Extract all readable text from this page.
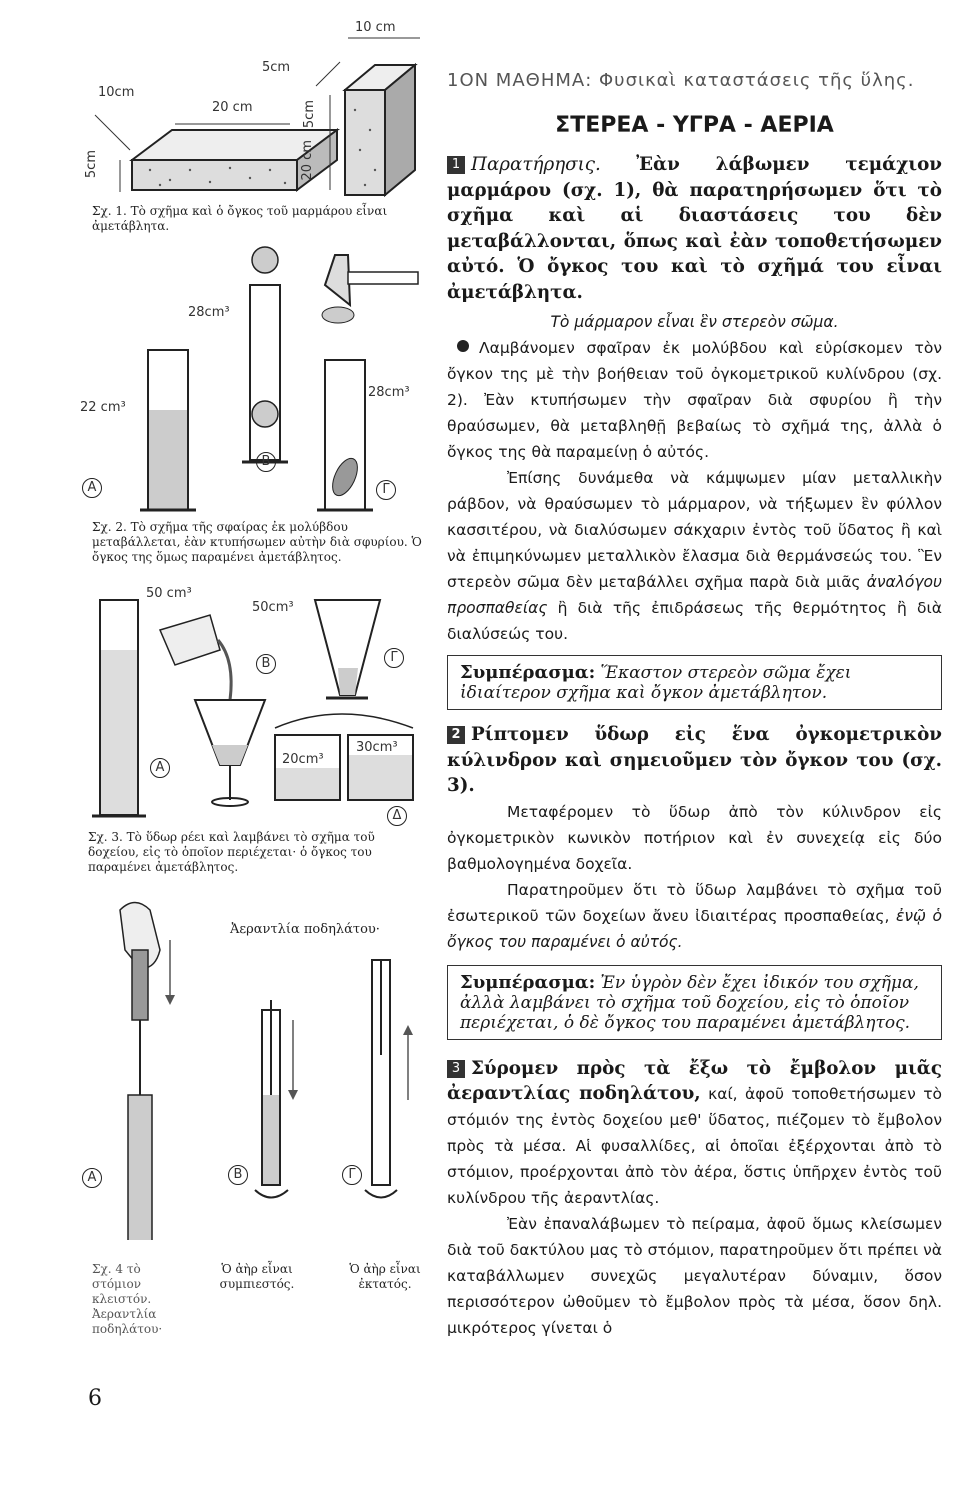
10 cm
5cm
10cm
20 cm	5cm
20 cm
5cm
Σχ. 1. Τὸ σχῆμα καὶ ὁ ὄγκος τοῦ μαρμάρου εἶναι ἀμετάβλητα.
28cm³
22 cm³
28cm³
Α
Β
Γ
Σχ. 2. Τὸ σχῆμα τῆς σφαίρας ἐκ μολύβδου μεταβάλλεται, ἐὰν κτυπήσωμεν αὐτὴν διὰ σφυρίου. Ὁ ὄγκος της ὅμως παραμένει ἀμετάβλητος.
50 cm³
50cm³
20cm³
30cm³
Α
Β	Γ
Δ
Σχ. 3. Τὸ ὕδωρ ρέει καὶ λαμβάνει τὸ σχῆμα τοῦ δοχείου, εἰς τὸ ὁποῖον περιέχεται· ὁ ὄγκος του παραμένει ἀμετάβλητος.
Ἀεραντλία ποδηλάτου·
Α	Β	Γ
Σχ. 4 τὸ στόμιον κλειστόν. Ἀεραντλία ποδηλάτου·
Ὁ ἀὴρ εἶναι συμπιεστός.
Ὁ ἀὴρ εἶναι ἐκτατός.
6
1ΟΝ ΜΑΘΗΜΑ: Φυσικαὶ καταστάσεις τῆς ὕλης.
ΣΤΕΡΕΑ - ΥΓΡΑ - ΑΕΡΙΑ

1 Παρατήρησις. Ἐὰν λάβωμεν τεμάχιον μαρμάρου (σχ. 1), θὰ παρατηρήσωμεν ὅτι τὸ σχῆμα καὶ αἱ διαστάσεις του δὲν μεταβάλλονται, ὅπως καὶ ἐὰν τοποθετήσωμεν αὐτό. Ὁ ὄγκος του καὶ τὸ σχῆμά του εἶναι ἀμετάβλητα.

Τὸ μάρμαρον εἶναι ἓν στερεὸν σῶμα.

Λαμβάνομεν σφαῖραν ἐκ μολύβδου καὶ εὑρίσκομεν τὸν ὄγκον της μὲ τὴν βοήθειαν τοῦ ὀγκομετρικοῦ κυλίνδρου (σχ. 2). Ἐὰν κτυπήσωμεν τὴν σφαῖραν διὰ σφυρίου ἢ τὴν θραύσωμεν, θὰ μεταβληθῇ βεβαίως τὸ σχῆμά της, ἀλλὰ ὁ ὄγκος της θὰ παραμείνῃ ὁ αὐτός.

Ἐπίσης δυνάμεθα νὰ κάμψωμεν μίαν μεταλλικὴν ράβδον, νὰ θραύσωμεν τὸ μάρμαρον, νὰ τήξωμεν ἓν φύλλον κασσιτέρου, νὰ διαλύσωμεν σάκχαριν ἐντὸς τοῦ ὕδατος ἢ καὶ νὰ ἐπιμηκύνωμεν μεταλλικὸν ἔλασμα διὰ θερμάνσεώς του. Ἓν στερεὸν σῶμα δὲν μεταβάλλει σχῆμα παρὰ διὰ μιᾶς ἀναλόγου προσπαθείας ἢ διὰ τῆς ἐπιδράσεως τῆς θερμότητος ἢ διὰ διαλύσεώς του.

Συμπέρασμα: Ἕκαστον στερεὸν σῶμα ἔχει ἰδιαίτερον σχῆμα καὶ ὄγκον ἀμετάβλητον.

2 Ρίπτομεν ὕδωρ εἰς ἕνα ὀγκομετρικὸν κύλινδρον καὶ σημειοῦμεν τὸν ὄγκον του (σχ. 3).

Μεταφέρομεν τὸ ὕδωρ ἀπὸ τὸν κύλινδρον εἰς ὀγκομετρικὸν κωνικὸν ποτήριον καὶ ἐν συνεχείᾳ εἰς δύο βαθμολογημένα δοχεῖα.

Παρατηροῦμεν ὅτι τὸ ὕδωρ λαμβάνει τὸ σχῆμα τοῦ ἐσωτερικοῦ τῶν δοχείων ἄνευ ἰδιαιτέρας προσπαθείας, ἐνῷ ὁ ὄγκος του παραμένει ὁ αὐτός.

Συμπέρασμα: Ἐν ὑγρὸν δὲν ἔχει ἰδικόν του σχῆμα, ἀλλὰ λαμβάνει τὸ σχῆμα τοῦ δοχείου, εἰς τὸ ὁποῖον περιέχεται, ὁ δὲ ὄγκος του παραμένει ἀμετάβλητος.

3 Σύρομεν πρὸς τὰ ἔξω τὸ ἔμβολον μιᾶς ἀεραντλίας ποδηλάτου, καί, ἀφοῦ τοποθετήσωμεν τὸ στόμιόν της ἐντὸς δοχείου μεθ' ὕδατος, πιέζομεν τὸ ἔμβολον πρὸς τὰ μέσα. Αἱ φυσαλλίδες, αἱ ὁποῖαι ἐξέρχονται ἀπὸ τὸ στόμιον, προέρχονται ἀπὸ τὸν ἀέρα, ὅστις ὑπῆρχεν ἐντὸς τοῦ κυλίνδρου τῆς ἀεραντλίας.

Ἐὰν ἐπαναλάβωμεν τὸ πείραμα, ἀφοῦ ὅμως κλείσωμεν διὰ τοῦ δακτύλου μας τὸ στόμιον, παρατηροῦμεν ὅτι πρέπει νὰ καταβάλλωμεν συνεχῶς μεγαλυτέραν δύναμιν, ὅσον περισσότερον ὠθοῦμεν τὸ ἔμβολον πρὸς τὰ μέσα, ὅσον δηλ. μικρότερος γίνεται ὁ
